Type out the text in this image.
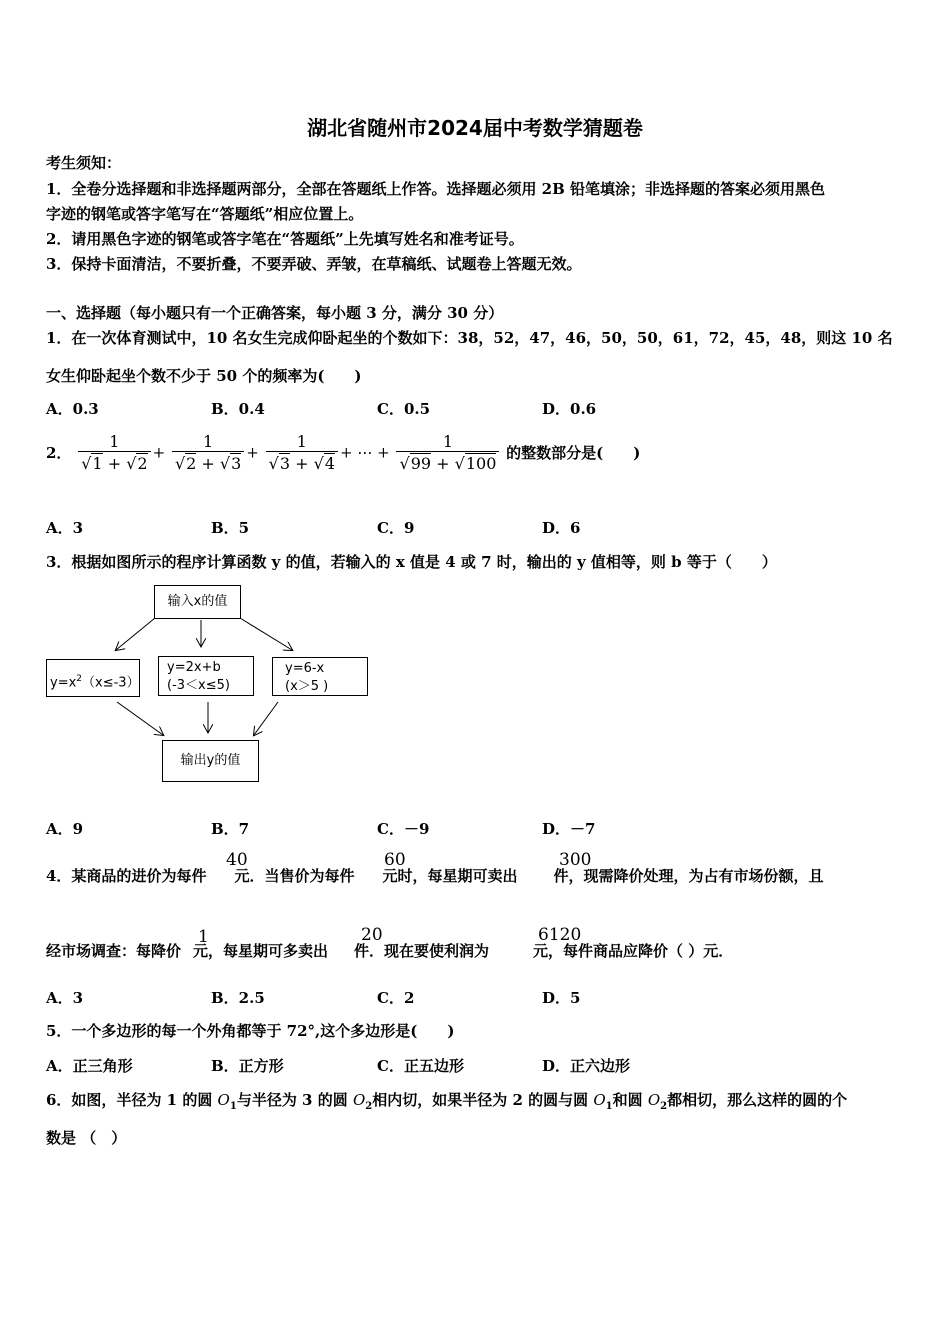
湖北省随州市2024届中考数学猜题卷
考生须知：
1．全卷分选择题和非选择题两部分，全部在答题纸上作答。选择题必须用 2B 铅笔填涂；非选择题的答案必须用黑色
字迹的钢笔或答字笔写在“答题纸”相应位置上。
2．请用黑色字迹的钢笔或答字笔在“答题纸”上先填写姓名和准考证号。
3．保持卡面清洁，不要折叠，不要弄破、弄皱，在草稿纸、试题卷上答题无效。
一、选择题（每小题只有一个正确答案，每小题 3 分，满分 30 分）
1．在一次体育测试中，10 名女生完成仰卧起坐的个数如下：38，52，47，46，50，50，61，72，45，48，则这 10 名
女生仰卧起坐个数不少于 50 个的频率为(　　)
A．0.3	B．0.4	C．0.5	D．0.6
2． $\frac{1}{√1 + √2} + \frac{1}{√2 + √3} + \frac{1}{√3 + √4}$ + ⋯ + $\frac{1}{√99 + √100}$ 的整数部分是(　　)
A．3	B．5	C．9	D．6
3．根据如图所示的程序计算函数 y 的值，若输入的 x 值是 4 或 7 时，输出的 y 值相等，则 b 等于（　　）
输入x的值
$y=x^2(x\le-3)$
y=2x+b
(-3＜x≤5)
y=6-x
(x＞5 )
输出y的值
A．9	B．7	C．－9	D．－7
4．某商品的进价为每件 元．当售价为每件 元时，每星期可卖出 件，现需降价处理，为占有市场份额，且
40	60	300
经市场调查：每降价 元，每星期可多卖出 件．现在要使利润为	元，每件商品应降价（ ）元．
1	20	6120
A．3	B．2.5	C．2	D．5
5．一个多边形的每一个外角都等于 72°,这个多边形是(　　)
A．正三角形	B．正方形	C．正五边形	D．正六边形
6．如图，半径为 1 的圆 $O_1$与半径为 3 的圆 $O_2$相内切，如果半径为 2 的圆与圆 $O_1$和圆 $O_2$都相切，那么这样的圆的个
数是 （　）
